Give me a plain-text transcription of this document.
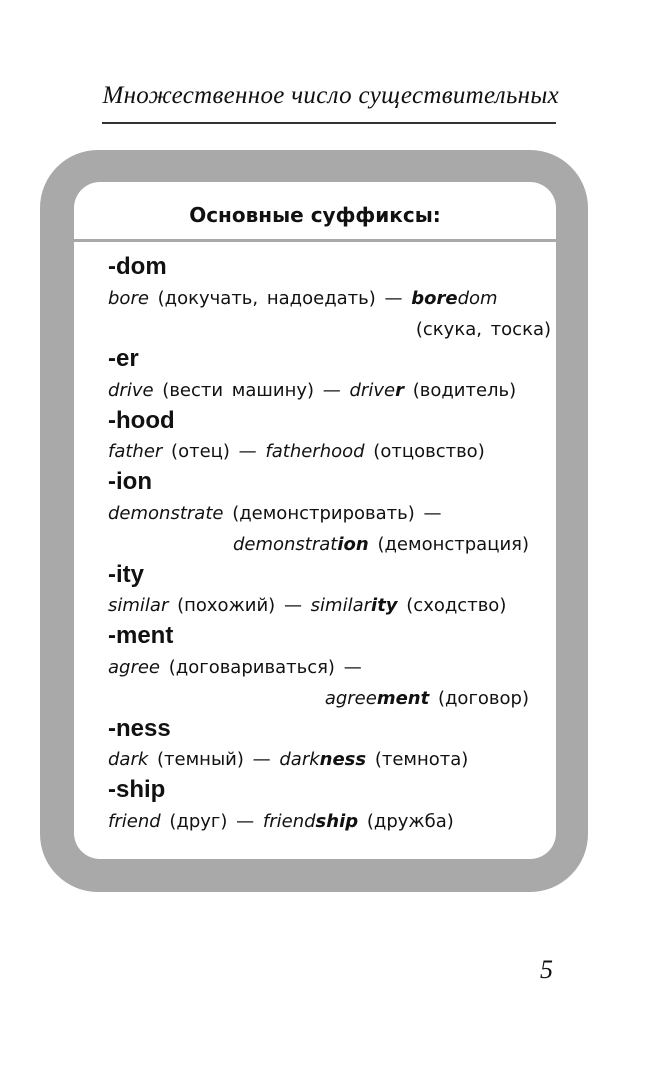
Множественное число существительных
Основные суффиксы:
-dom
bore (докучать, надоедать) — boredom
(скука, тоска)
-er
drive (вести машину) — driver (водитель)
-hood
father (отец) — fatherhood (отцовство)
-ion
demonstrate (демонстрировать) —
demonstration (демонстрация)
-ity
similar (похожий) — similarity (сходство)
-ment
agree (договариваться) —
agreement (договор)
-ness
dark (темный) — darkness (темнота)
-ship
friend (друг) — friendship (дружба)
5
